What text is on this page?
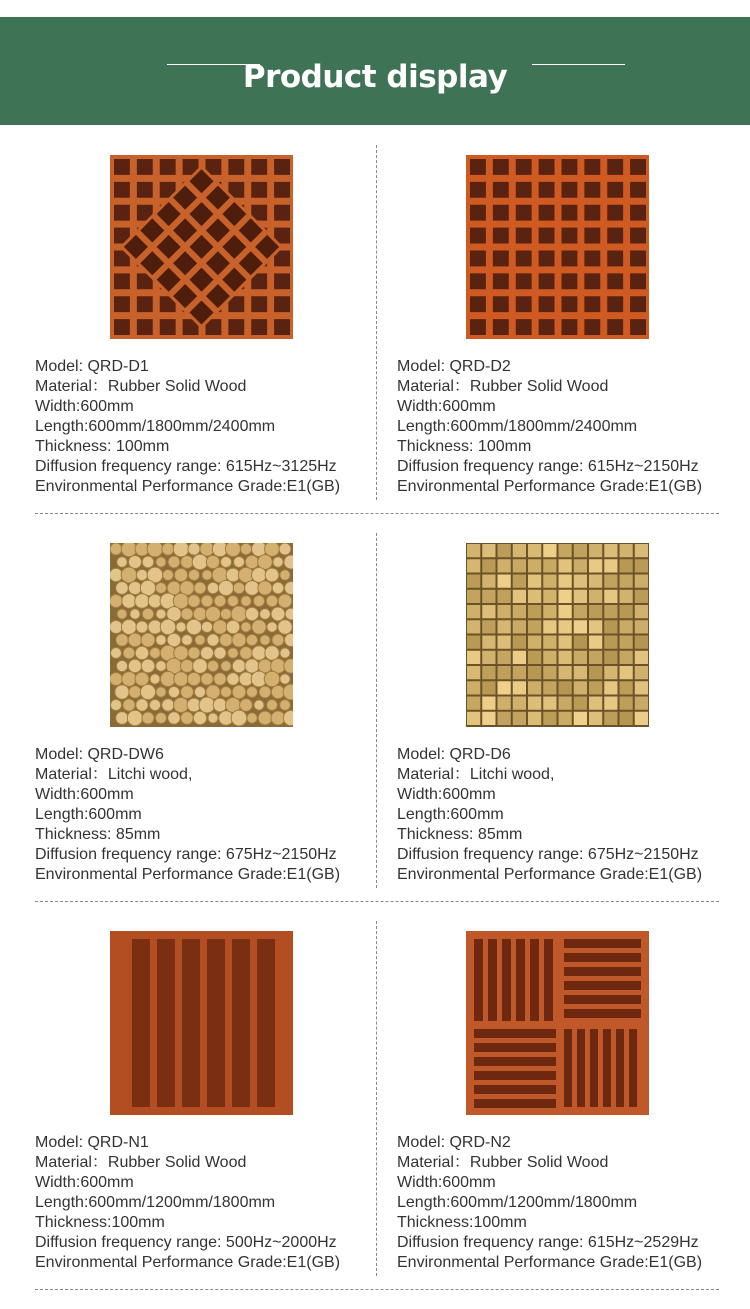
Product display
Model: QRD-D1
Material：Rubber Solid Wood
Width:600mm
Length:600mm/1800mm/2400mm
Thickness: 100mm
Diffusion frequency range: 615Hz~3125Hz
Environmental Performance Grade:E1(GB)
Model: QRD-D2
Material：Rubber Solid Wood
Width:600mm
Length:600mm/1800mm/2400mm
Thickness: 100mm
Diffusion frequency range: 615Hz~2150Hz
Environmental Performance Grade:E1(GB)
Model: QRD-DW6
Material：Litchi wood,
Width:600mm
Length:600mm
Thickness: 85mm
Diffusion frequency range: 675Hz~2150Hz
Environmental Performance Grade:E1(GB)
Model: QRD-D6
Material：Litchi wood,
Width:600mm
Length:600mm
Thickness: 85mm
Diffusion frequency range: 675Hz~2150Hz
Environmental Performance Grade:E1(GB)
Model: QRD-N1
Material：Rubber Solid Wood
Width:600mm
Length:600mm/1200mm/1800mm
Thickness:100mm
Diffusion frequency range: 500Hz~2000Hz
Environmental Performance Grade:E1(GB)
Model: QRD-N2
Material：Rubber Solid Wood
Width:600mm
Length:600mm/1200mm/1800mm
Thickness:100mm
Diffusion frequency range: 615Hz~2529Hz
Environmental Performance Grade:E1(GB)
